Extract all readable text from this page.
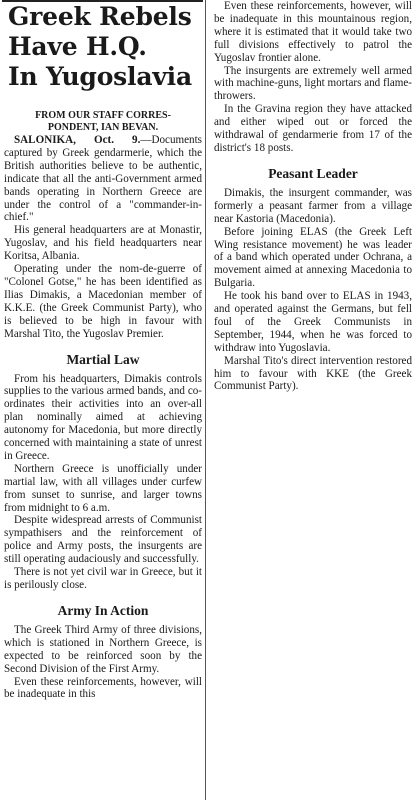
Greek Rebels
Have H.Q.
In Yugoslavia
FROM OUR STAFF CORRES-
PONDENT, IAN BEVAN.

SALONIKA, Oct. 9.—Documents captured by Greek gendarmerie, which the British authorities believe to be authentic, indicate that all the anti-Government armed bands operating in Northern Greece are under the control of a "commander-in-chief."

His general headquarters are at Monastir, Yugoslav, and his field headquarters near Koritsa, Albania.

Operating under the nom-de-guerre of "Colonel Gotse," he has been identified as Ilias Dimakis, a Macedonian member of K.K.E. (the Greek Communist Party), who is believed to be high in favour with Marshal Tito, the Yugoslav Premier.

Martial Law

From his headquarters, Dimakis controls supplies to the various armed bands, and co-ordinates their activities into an over-all plan nominally aimed at achieving autonomy for Macedonia, but more directly concerned with maintaining a state of unrest in Greece.

Northern Greece is unofficially under martial law, with all villages under curfew from sunset to sunrise, and larger towns from midnight to 6 a.m.

Despite widespread arrests of Communist sympathisers and the reinforcement of police and Army posts, the insurgents are still operating audaciously and successfully.

There is not yet civil war in Greece, but it is perilously close.

Army In Action

The Greek Third Army of three divisions, which is stationed in Northern Greece, is expected to be reinforced soon by the Second Division of the First Army.

Even these reinforcements, however, will be inadequate in this

Even these reinforcements, however, will be inadequate in this mountainous region, where it is estimated that it would take two full divisions effectively to patrol the Yugoslav frontier alone.

The insurgents are extremely well armed with machine-guns, light mortars and flame-throwers.

In the Gravina region they have attacked and either wiped out or forced the withdrawal of gendarmerie from 17 of the district's 18 posts.

Peasant Leader

Dimakis, the insurgent commander, was formerly a peasant farmer from a village near Kastoria (Macedonia).

Before joining ELAS (the Greek Left Wing resistance movement) he was leader of a band which operated under Ochrana, a movement aimed at annexing Macedonia to Bulgaria.

He took his band over to ELAS in 1943, and operated against the Germans, but fell foul of the Greek Communists in September, 1944, when he was forced to withdraw into Yugoslavia.

Marshal Tito's direct intervention restored him to favour with KKE (the Greek Communist Party).
